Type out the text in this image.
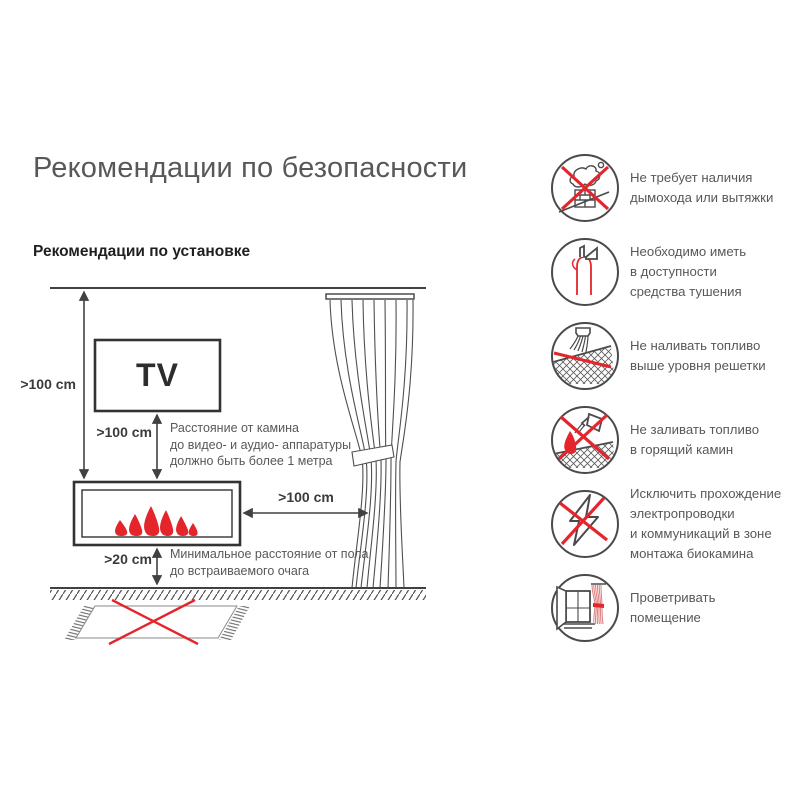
Рекомендации по безопасности
Рекомендации по установке
TV
>100 cm
>100 cm
>100 cm
>20 cm
Расстояние от камина
до видео- и аудио- аппаратуры
должно быть более 1 метра
Минимальное расстояние от пола
до встраиваемого очага
Не требует наличия
дымохода или вытяжки
Необходимо иметь
в доступности
средства тушения
Не наливать топливо
выше уровня решетки
Не заливать топливо
в горящий камин
Исключить прохождение
электропроводки
и коммуникаций в зоне
монтажа биокамина
Проветривать
помещение
